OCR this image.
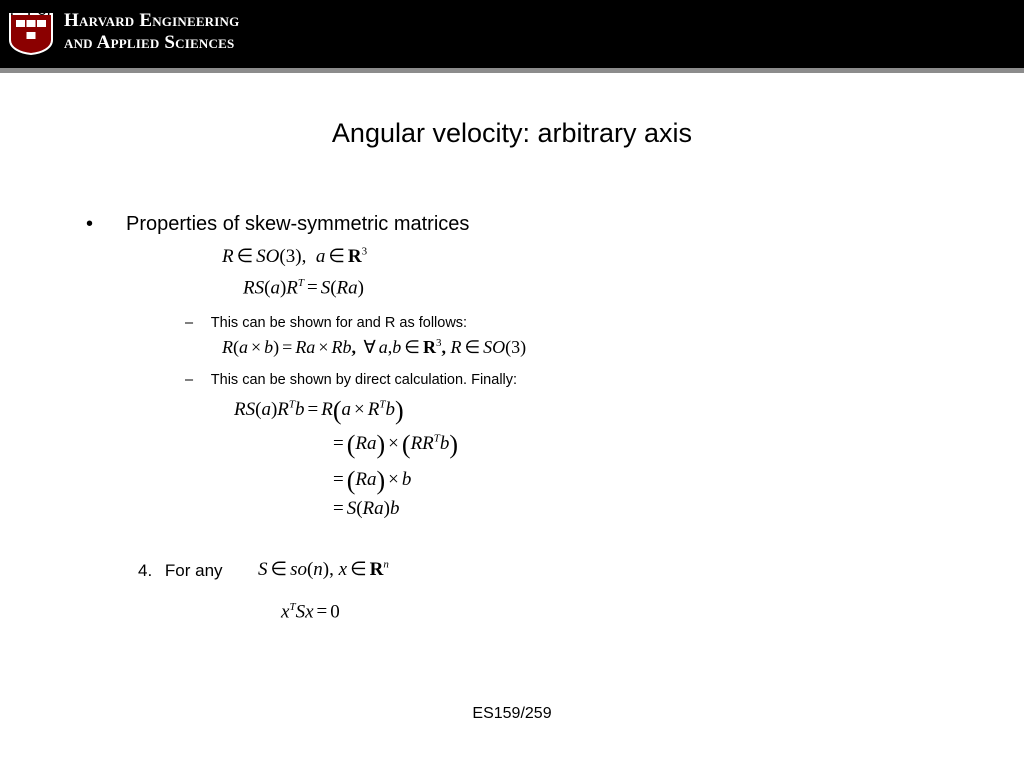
Harvard Engineering
and Applied Sciences
Angular velocity: arbitrary axis
•	Properties of skew-symmetric matrices
3. For
R ∈ SO(3), a ∈ $R^3$
$RS(a)R^T = S(Ra)$
– This can be shown for and R as follows:
R(a × b) = Ra × Rb, ∀ a,b ∈ $R^3$, R ∈ SO(3)
– This can be shown by direct calculation. Finally:
$RS(a)R^Tb = R(a \times R^Tb)$
= $(Ra) \times (RR^Tb)$
= (Ra) × b
= S(Ra)b
4. For any S ∈ so(n), x ∈ $R^n$
$x^TSx = 0$
ES159/259
